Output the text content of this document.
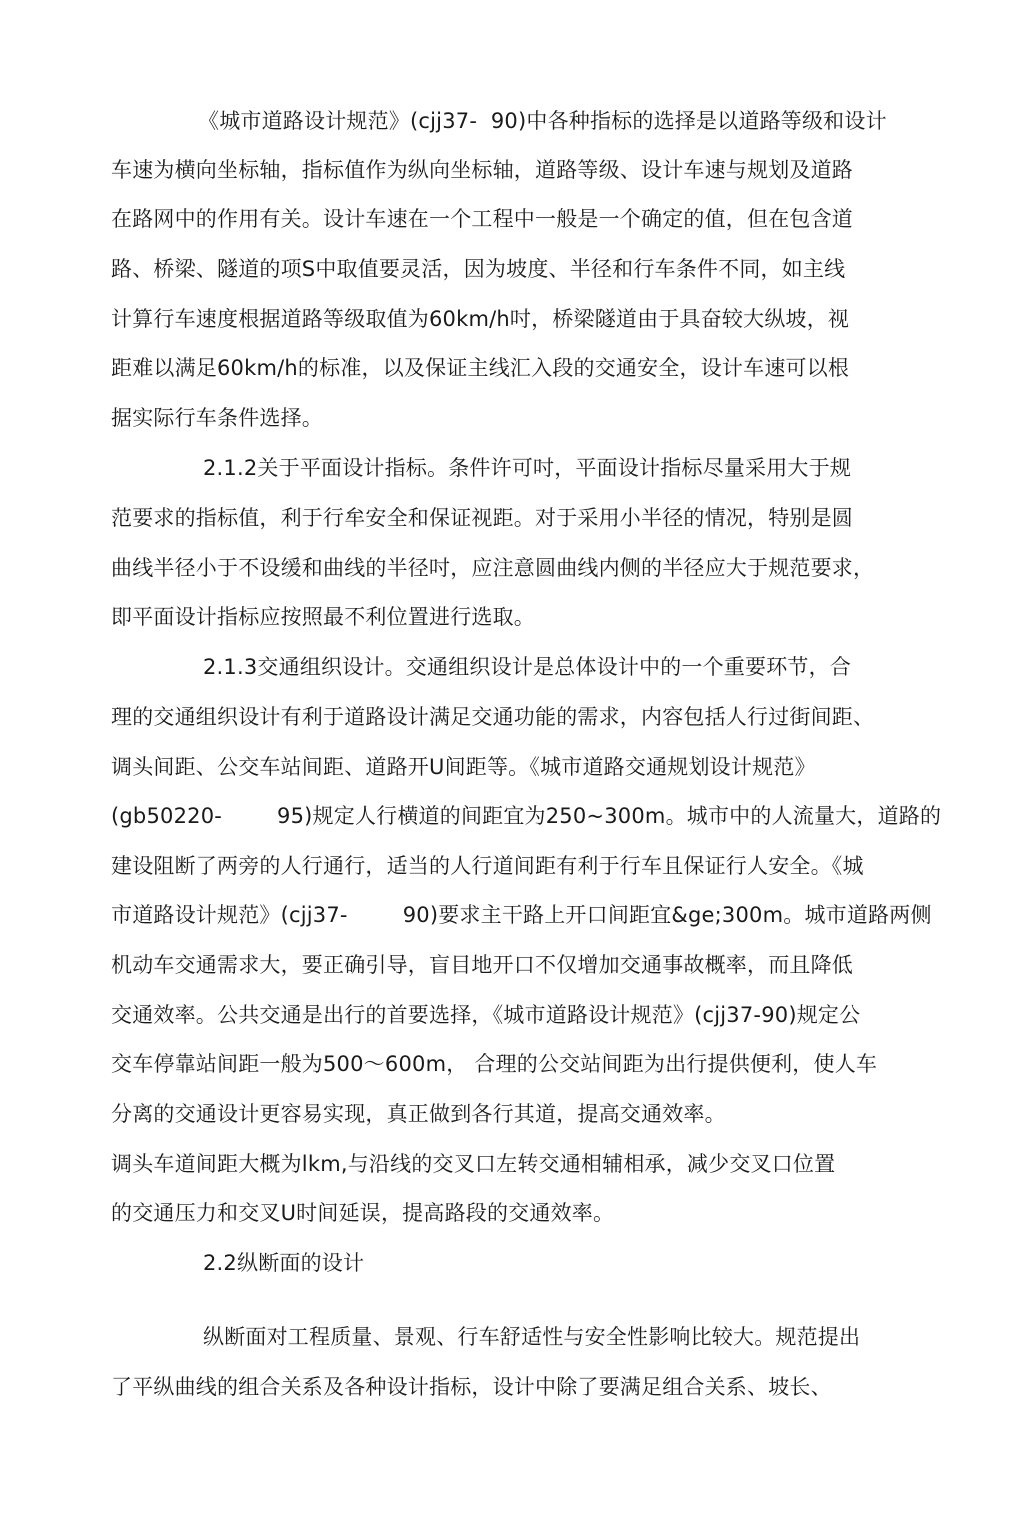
《城市道路设计规范》(cjj37-  90)中各种指标的选择是以道路等级和设计
车速为横向坐标轴，指标值作为纵向坐标轴，道路等级、设计车速与规划及道路
在路网中的作用有关。设计车速在一个工程中一般是一个确定的值，但在包含道
路、桥梁、隧道的项S中取值要灵活，因为坡度、半径和行车条件不同，如主线
计算行车速度根据道路等级取值为60km/h吋，桥梁隧道由于具奋较大纵坡，视
距难以满足60km/h的标准，以及保证主线汇入段的交通安全，设计车速可以根
据实际行车条件选择。
2.1.2关于平面设计指标。条件许可吋，平面设计指标尽量采用大于规
范要求的指标值，利于行牟安全和保证视距。对于采用小半径的情况，特别是圆
曲线半径小于不设缓和曲线的半径吋，应注意圆曲线内侧的半径应大于规范要求，
即平面设计指标应按照最不利位置进行选取。
2.1.3交通组织设计。交通组织设计是总体设计中的一个重要环节，合
理的交通组织设计有利于道路设计满足交通功能的需求，内容包括人行过街间距、
调头间距、公交车站间距、道路开U间距等。《城市道路交通规划设计规范》
(gb50220-        95)规定人行横道的间距宜为250~300m。城市中的人流量大，道路的
建设阻断了两旁的人行通行，适当的人行道间距有利于行车且保证行人安全。《城
市道路设计规范》(cjj37-        90)要求主干路上开口间距宜&ge;300m。城市道路两侧
机动车交通需求大，要正确引导，盲目地开口不仅增加交通事故概率，而且降低
交通效率。公共交通是出行的首要选择，《城市道路设计规范》(cjj37-90)规定公
交车停靠站间距一般为500～600m， 合理的公交站间距为出行提供便利，使人车
分离的交通设计更容易实现，真正做到各行其道，提高交通效率。
调头车道间距大概为lkm,与沿线的交叉口左转交通相辅相承，减少交叉口位置
的交通压力和交叉U时间延误，提高路段的交通效率。
2.2纵断面的设计
纵断面对工程质量、景观、行车舒适性与安全性影响比较大。规范提出
了平纵曲线的组合关系及各种设计指标，设计中除了要满足组合关系、坡长、
